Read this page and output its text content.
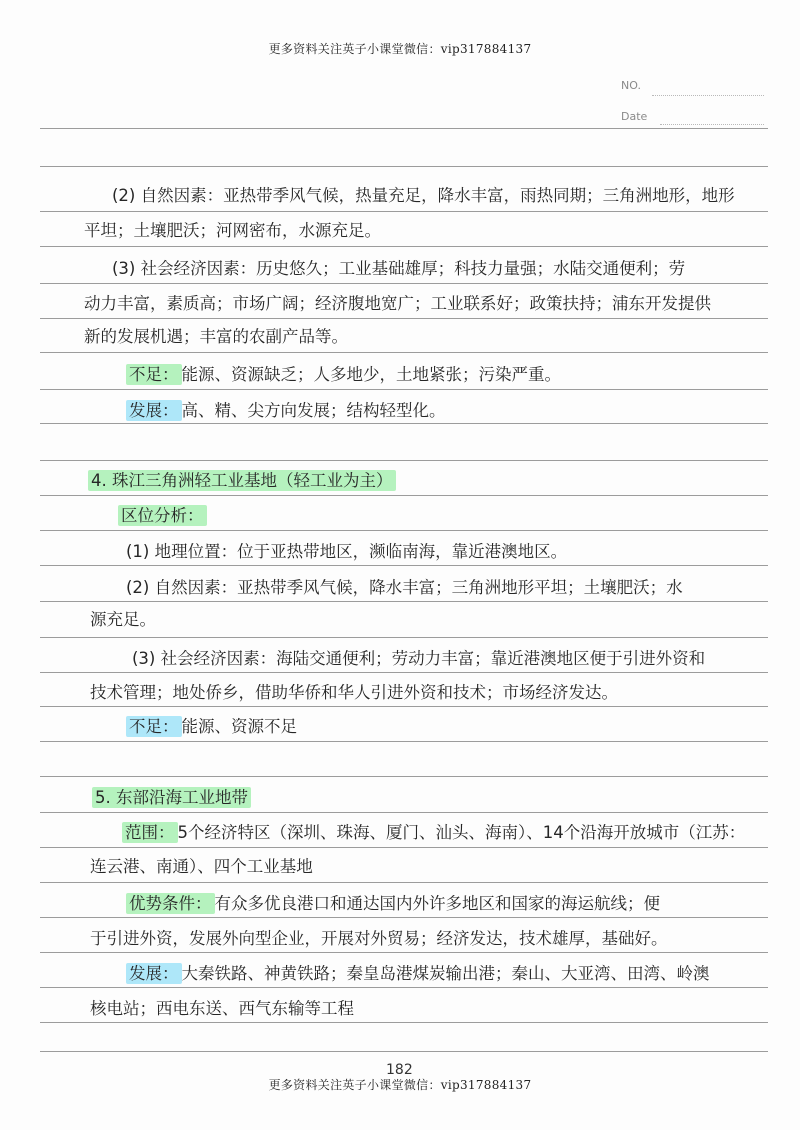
更多资料关注英子小课堂微信：vip317884137
NO.
Date
(2) 自然因素：亚热带季风气候，热量充足，降水丰富，雨热同期；三角洲地形，地形
平坦；土壤肥沃；河网密布，水源充足。
(3) 社会经济因素：历史悠久；工业基础雄厚；科技力量强；水陆交通便利；劳
动力丰富，素质高；市场广阔；经济腹地宽广；工业联系好；政策扶持；浦东开发提供
新的发展机遇；丰富的农副产品等。
不足： 能源、资源缺乏；人多地少，土地紧张；污染严重。
发展： 高、精、尖方向发展；结构轻型化。
4. 珠江三角洲轻工业基地（轻工业为主）
区位分析：
(1) 地理位置：位于亚热带地区，濒临南海，靠近港澳地区。
(2) 自然因素：亚热带季风气候，降水丰富；三角洲地形平坦；土壤肥沃；水
源充足。
(3) 社会经济因素：海陆交通便利；劳动力丰富；靠近港澳地区便于引进外资和
技术管理；地处侨乡，借助华侨和华人引进外资和技术；市场经济发达。
不足： 能源、资源不足
5. 东部沿海工业地带
范围： 5个经济特区（深圳、珠海、厦门、汕头、海南）、14个沿海开放城市（江苏：
连云港、南通）、四个工业基地
优势条件： 有众多优良港口和通达国内外许多地区和国家的海运航线；便
于引进外资，发展外向型企业，开展对外贸易；经济发达，技术雄厚，基础好。
发展： 大秦铁路、神黄铁路；秦皇岛港煤炭输出港；秦山、大亚湾、田湾、岭澳
核电站；西电东送、西气东输等工程
182
更多资料关注英子小课堂微信：vip317884137
